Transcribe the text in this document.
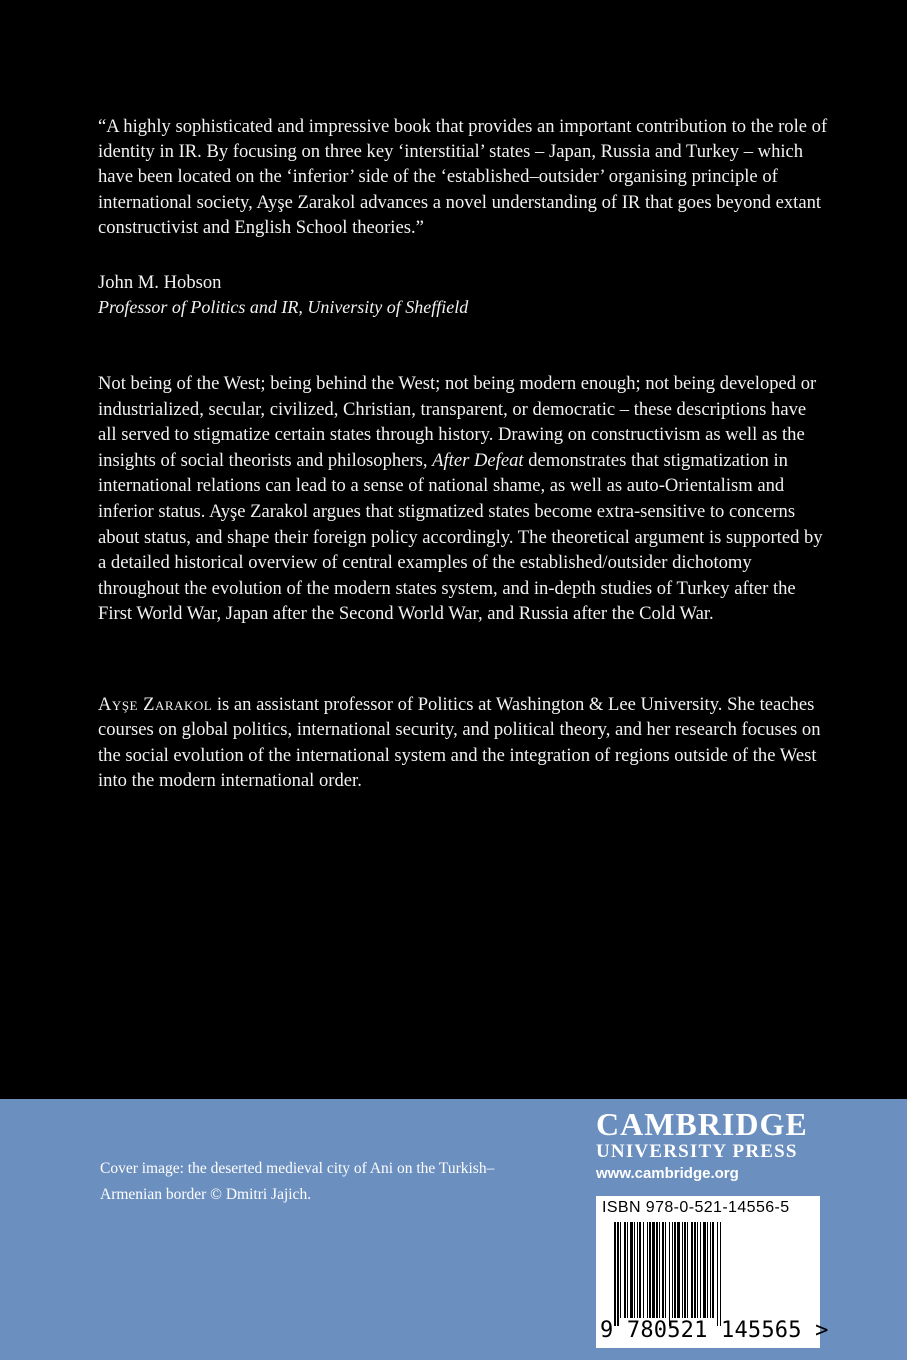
“A highly sophisticated and impressive book that provides an important contribution to the role of identity in IR. By focusing on three key ‘interstitial’ states – Japan, Russia and Turkey – which have been located on the ‘inferior’ side of the ‘established–outsider’ organising principle of international society, Ayşe Zarakol advances a novel understanding of IR that goes beyond extant constructivist and English School theories.”

John M. Hobson
Professor of Politics and IR, University of Sheffield

Not being of the West; being behind the West; not being modern enough; not being developed or industrialized, secular, civilized, Christian, transparent, or democratic – these descriptions have all served to stigmatize certain states through history. Drawing on constructivism as well as the insights of social theorists and philosophers, After Defeat demonstrates that stigmatization in international relations can lead to a sense of national shame, as well as auto-Orientalism and inferior status. Ayşe Zarakol argues that stigmatized states become extra-sensitive to concerns about status, and shape their foreign policy accordingly. The theoretical argument is supported by a detailed historical overview of central examples of the established/outsider dichotomy throughout the evolution of the modern states system, and in-depth studies of Turkey after the First World War, Japan after the Second World War, and Russia after the Cold War.

Ayşe Zarakol is an assistant professor of Politics at Washington & Lee University. She teaches courses on global politics, international security, and political theory, and her research focuses on the social evolution of the international system and the integration of regions outside of the West into the modern international order.

Cover image: the deserted medieval city of Ani on the Turkish–Armenian border © Dmitri Jajich.
CAMBRIDGE
UNIVERSITY PRESS
www.cambridge.org
ISBN 978-0-521-14556-5
9 780521 145565 >
